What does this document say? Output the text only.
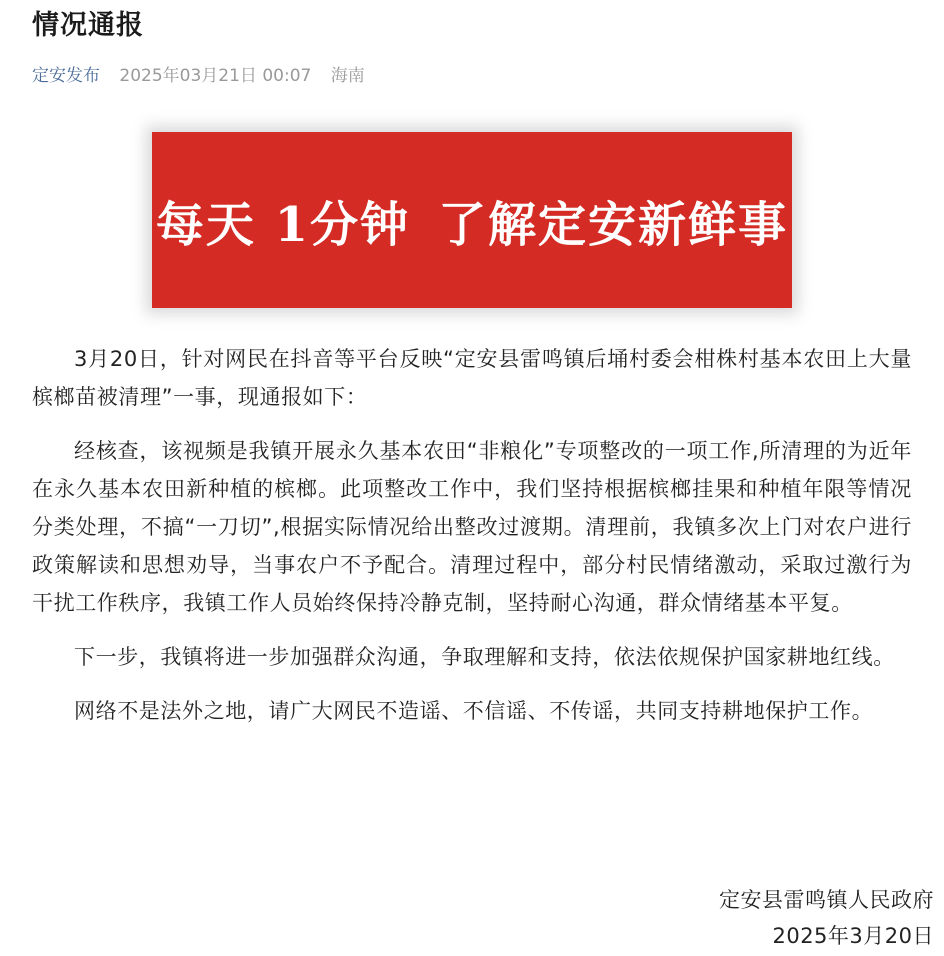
情况通报
定安发布 2025年03月21日 00:07 海南
每天 1分钟 了解定安新鲜事

3月20日，针对网民在抖音等平台反映“定安县雷鸣镇后埇村委会柑株村基本农田上大量槟榔苗被清理”一事，现通报如下：

经核查，该视频是我镇开展永久基本农田“非粮化”专项整改的一项工作,所清理的为近年在永久基本农田新种植的槟榔。此项整改工作中，我们坚持根据槟榔挂果和种植年限等情况分类处理，不搞“一刀切”,根据实际情况给出整改过渡期。清理前，我镇多次上门对农户进行政策解读和思想劝导，当事农户不予配合。清理过程中，部分村民情绪激动，采取过激行为干扰工作秩序，我镇工作人员始终保持冷静克制，坚持耐心沟通，群众情绪基本平复。

下一步，我镇将进一步加强群众沟通，争取理解和支持，依法依规保护国家耕地红线。

网络不是法外之地，请广大网民不造谣、不信谣、不传谣，共同支持耕地保护工作。

定安县雷鸣镇人民政府
2025年3月20日
